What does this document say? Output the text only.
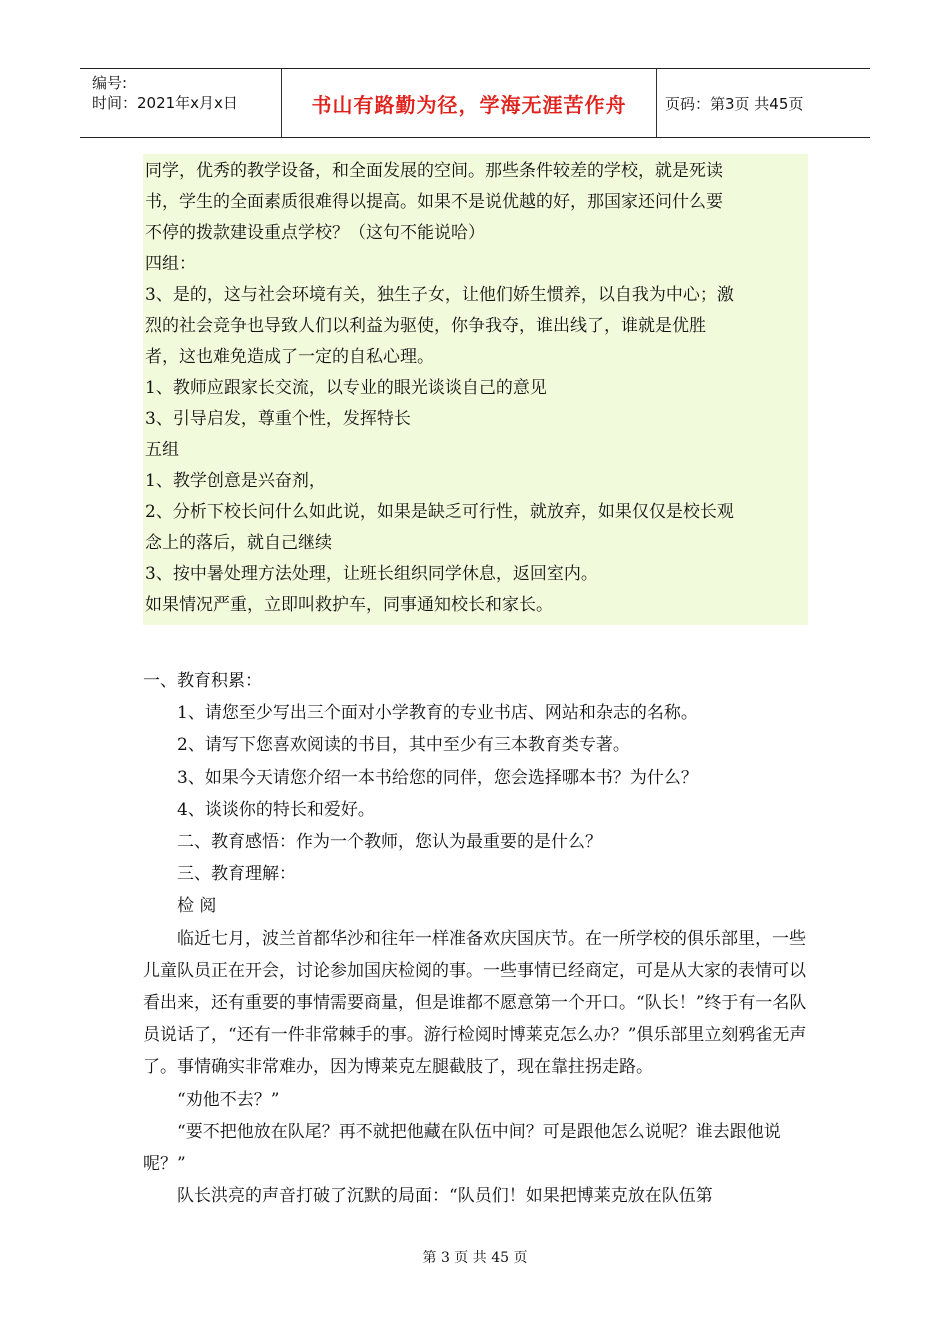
编号:
时间：2021年x月x日	书山有路勤为径，学海无涯苦作舟	页码：第3页 共45页

同学，优秀的教学设备，和全面发展的空间。那些条件较差的学校，就是死读

书，学生的全面素质很难得以提高。如果不是说优越的好，那国家还问什么要

不停的拨款建设重点学校？（这句不能说哈）

四组：

3、是的，这与社会环境有关，独生子女，让他们娇生惯养，以自我为中心；激

烈的社会竞争也导致人们以利益为驱使，你争我夺，谁出线了，谁就是优胜

者，这也难免造成了一定的自私心理。

1、教师应跟家长交流，以专业的眼光谈谈自己的意见

3、引导启发，尊重个性，发挥特长

五组

1、教学创意是兴奋剂，

2、分析下校长问什么如此说，如果是缺乏可行性，就放弃，如果仅仅是校长观

念上的落后，就自己继续

3、按中暑处理方法处理，让班长组织同学休息，返回室内。

如果情况严重，立即叫救护车，同事通知校长和家长。

一、教育积累：

1、请您至少写出三个面对小学教育的专业书店、网站和杂志的名称。

2、请写下您喜欢阅读的书目，其中至少有三本教育类专著。

3、如果今天请您介绍一本书给您的同伴，您会选择哪本书？为什么？

4、谈谈你的特长和爱好。

二、教育感悟：作为一个教师，您认为最重要的是什么？

三、教育理解：

检 阅

临近七月，波兰首都华沙和往年一样准备欢庆国庆节。在一所学校的俱乐部里，一些儿童队员正在开会，讨论参加国庆检阅的事。一些事情已经商定，可是从大家的表情可以看出来，还有重要的事情需要商量，但是谁都不愿意第一个开口。“队长！”终于有一名队员说话了，“还有一件非常棘手的事。游行检阅时博莱克怎么办？”俱乐部里立刻鸦雀无声了。事情确实非常难办，因为博莱克左腿截肢了，现在靠拄拐走路。

“劝他不去？”

“要不把他放在队尾？再不就把他藏在队伍中间？可是跟他怎么说呢？谁去跟他说呢？”

队长洪亮的声音打破了沉默的局面：“队员们！如果把博莱克放在队伍第

第 3 页 共 45 页
